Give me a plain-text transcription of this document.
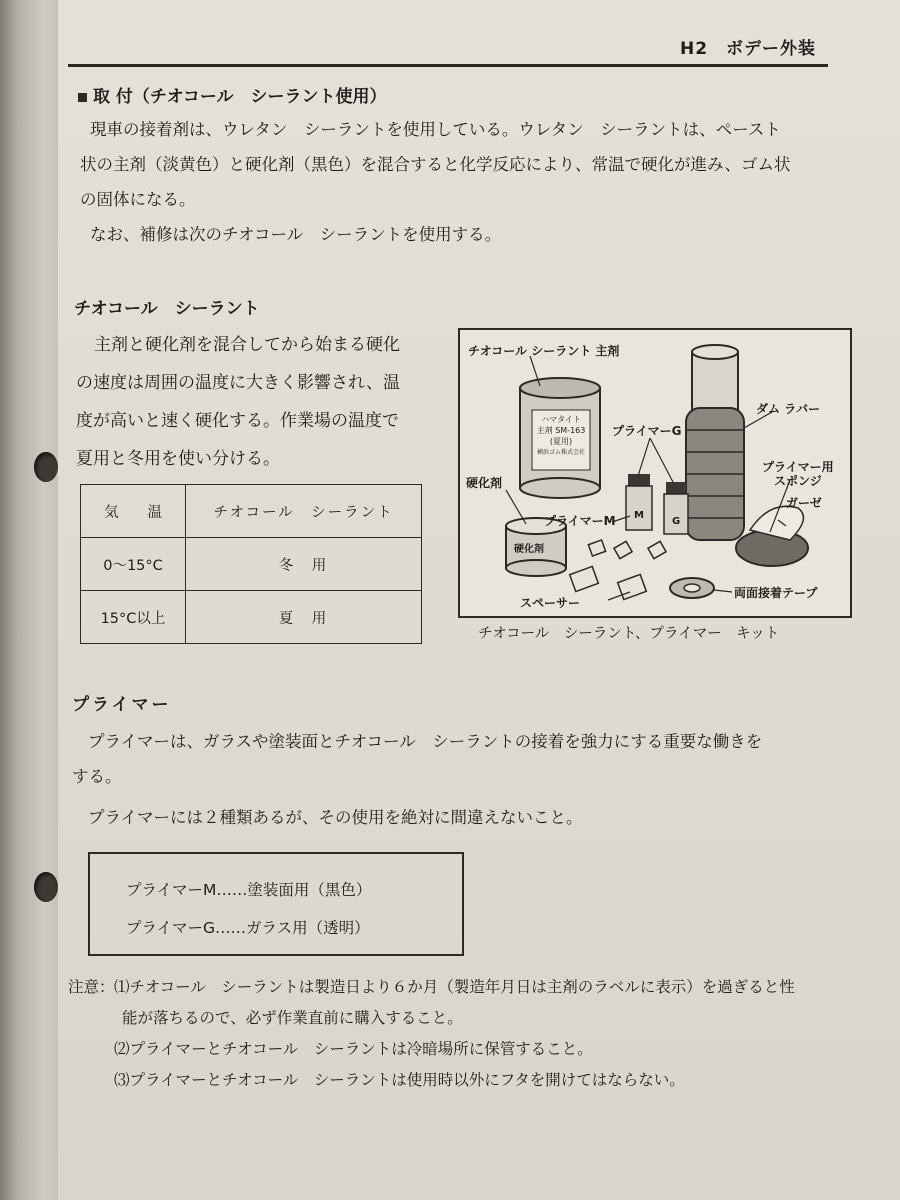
H2　ボデー外装
取 付（チオコール　シーラント使用）
現車の接着剤は、ウレタン　シーラントを使用している。ウレタン　シーラントは、ペースト
状の主剤（淡黄色）と硬化剤（黒色）を混合すると化学反応により、常温で硬化が進み、ゴム状
の固体になる。
なお、補修は次のチオコール　シーラントを使用する。
チオコール　シーラント
主剤と硬化剤を混合してから始まる硬化
の速度は周囲の温度に大きく影響され、温
度が高いと速く硬化する。作業場の温度で
夏用と冬用を使い分ける。
気　　温	チオコール　シーラント
0～15°C	冬　用
15°C以上	夏　用
チオコール シーラント 主剤
ハマタイト
主剤 SM-163
(夏用)
横浜ゴム株式会社
ダム ラバー
プライマーG
プライマー用
スポンジ
ガーゼ
硬化剤
プライマーM
スペーサー
両面接着テープ
硬化剤
M
G
チオコール　シーラント、プライマー　キット
プライマー
プライマーは、ガラスや塗装面とチオコール　シーラントの接着を強力にする重要な働きを
する。
プライマーには２種類あるが、その使用を絶対に間違えないこと。
プライマーM……塗装面用（黒色）
プライマーG……ガラス用（透明）
注意： ⑴チオコール　シーラントは製造日より６か月（製造年月日は主剤のラベルに表示）を過ぎると性
能が落ちるので、必ず作業直前に購入すること。
⑵プライマーとチオコール　シーラントは冷暗場所に保管すること。
⑶プライマーとチオコール　シーラントは使用時以外にフタを開けてはならない。
